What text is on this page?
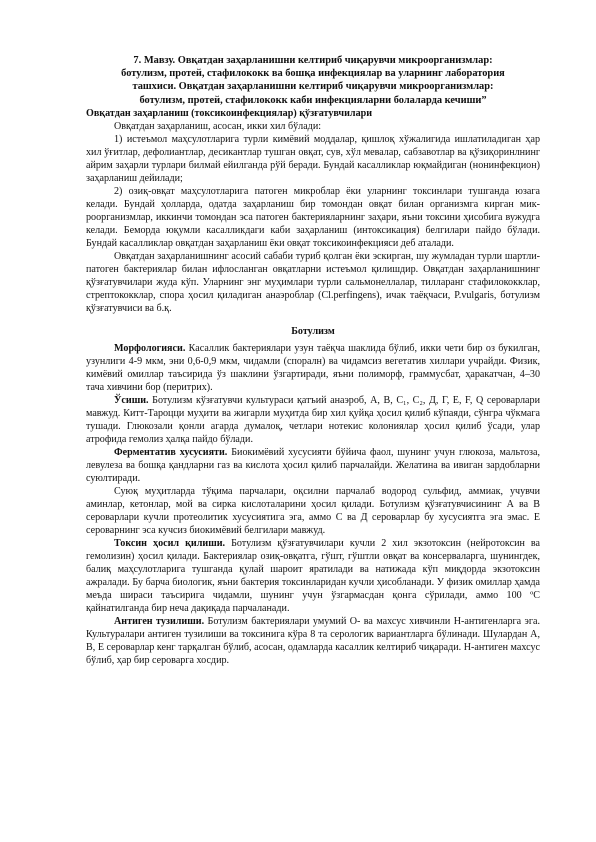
7. Мавзу. Овқатдан заҳарланишни келтириб чиқарувчи микроорганизмлар:
ботулизм, протей, стафилококк ва бошқа инфекциялар ва уларнинг лаборатория
ташхиси. Овқатдан заҳарланишни келтириб чиқарувчи микроорганизмлар:
ботулизм, протей, стафилококк каби инфекцияларни болаларда кечиши”

Овқатдан заҳарланиш (токсикоинфекциялар) қўзғатувчилари

Овқатдан заҳарланиш, асосан, икки хил бўлади:

1) истеъмол маҳсулотларига турли кимёвий моддалар, қишлоқ хўжалигида ишлатиладиган ҳар хил ўғитлар, дефолиантлар, десикантлар тушган овқат, сув, хўл мевалар, сабзавотлар ва қўзиқоринлнинг айрим заҳарли турлари билмай ейилганда рўй беради. Бундай касалликлар юқмайдиган (нонинфекцион) заҳарланиш дейилади;

2) озиқ-овқат маҳсулотларига патоген микроблар ёки уларнинг токсинлари тушганда юзага келади. Бундай ҳолларда, одатда заҳарланиш бир томондан овқат билан организмга кирган мик-роорганизмлар, иккинчи томондан эса патоген бактерияларнинг заҳари, яъни токсини ҳисобига вужудга келади. Беморда юқумли касалликдаги каби заҳарланиш (интоксикация) белгилари пайдо бўлади. Бундай касалликлар овқатдан заҳарланиш ёки овқат токсикоинфекцияси деб аталади.

Овқатдан заҳарланишнинг асосий сабаби туриб қолган ёки эскирган, шу жумладан турли шартли-патоген бактериялар билан ифлосланган овқатларни истеъмол қилишдир. Овқатдан заҳарланишнинг қўзғатувчилари жуда кўп. Уларнинг энг муҳимлари турли сальмонеллалар, тилларанг стафилококклар, стрептококклар, спора ҳосил қиладиган анаэроблар (Cl.perfingens), ичак таёқчаси, P.vulgaris, ботулизм қўзғатувчиси ва б.қ.

Ботулизм

Морфологияси. Касаллик бактериялари узун таёқча шаклида бўлиб, икки чети бир оз букилган, узунлиги 4-9 мкм, эни 0,6-0,9 мкм, чидамли (споралн) ва чидамсиз вегетатив хиллари учрайди. Физик, кимёвий омиллар таъсирида ўз шаклини ўзгартиради, яъни полиморф, граммусбат, ҳаракатчан, 4–30 тача хивчини бор (перитрих).

Ўсиши. Ботулизм кўзғатувчи культураси қатъий анаэроб, А, В, С₁, С₂, Д, Г, Е, F, Q сероварлари мавжуд. Китт-Тароцци муҳити ва жигарли муҳитда бир хил қуйқа ҳосил қилиб кўпаяди, сўнгра чўкмага тушади. Глюкозали қонли агарда думалоқ, четлари нотекис колониялар ҳосил қилиб ўсади, улар атрофида гемолиз ҳалқа пайдо бўлади.

Ферментатив хусусияти. Биокимёвий хусусияти бўйича фаол, шунинг учун глюкоза, мальтоза, левулеза ва бошқа қандларни газ ва кислота ҳосил қилиб парчалайди. Желатина ва ивиган зардобларни суюлтиради.

Суюқ муҳитларда тўқима парчалари, оқсилни парчалаб водород сульфид, аммиак, учувчи аминлар, кетонлар, мой ва сирка кислоталарини ҳосил қилади. Ботулизм қўзғатувчисининг А ва В сероварлари кучли протеолитик хусусиятига эга, аммо С ва Д сероварлар бу хусусиятга эга эмас. Е сероварнинг эса кучсиз биокимёвий белгилари мавжуд.

Токсин ҳосил қилиши. Ботулизм қўзғатувчилари кучли 2 хил экзотоксин (нейротоксин ва гемолизин) ҳосил қилади. Бактериялар озиқ-овқатга, гўшт, гўштли овқат ва консерваларга, шунингдек, балиқ маҳсулотларига тушганда қулай шароит яратилади ва натижада кўп миқдорда экзотоксин ажралади. Бу барча биологик, яъни бактерия токсинларидан кучли ҳисобланади. У физик омиллар ҳамда меъда шираси таъсирига чидамли, шунинг учун ўзгармасдан қонга сўрилади, аммо 100 ºС қайнатилганда бир неча дақиқада парчаланади.

Антиген тузилиши. Ботулизм бактериялари умумий О- ва махсус хивчинли Н-антигенларга эга. Культуралари антиген тузилиши ва токсинига кўра 8 та серологик вариантларга бўлинади. Шулардан А, В, Е сероварлар кенг тарқалган бўлиб, асосан, одамларда касаллик келтириб чиқаради. Н-антиген махсус бўлиб, ҳар бир сероварга хосдир.
